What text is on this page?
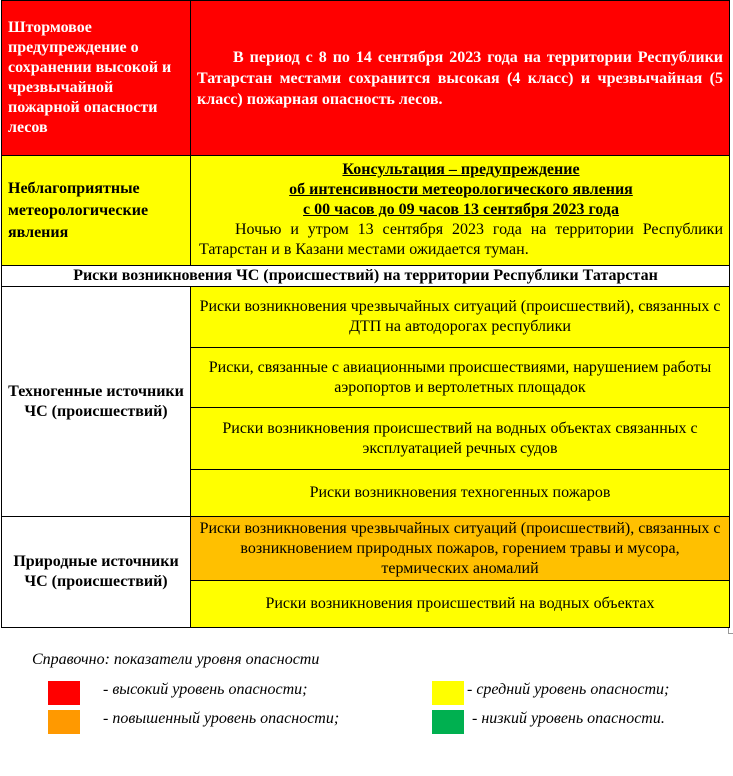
Штормовое предупреждение о сохранении высокой и чрезвычайной пожарной опасности лесов	В период с 8 по 14 сентября 2023 года на территории Республики Татарстан местами сохранится высокая (4 класс) и чрезвычайная (5 класс) пожарная опасность лесов.
Неблагоприятные метеорологические явления	Консультация – предупреждение
об интенсивности метеорологического явления
с 00 часов до 09 часов 13 сентября 2023 года
Ночью и утром 13 сентября 2023 года на территории Республики Татарстан и в Казани местами ожидается туман.

Риски возникновения ЧС (происшествий) на территории Республики Татарстан	
Техногенные источники ЧС (происшествий)	Риски возникновения чрезвычайных ситуаций (происшествий), связанных с ДТП на автодорогах республики
	Риски, связанные с авиационными происшествиями, нарушением работы аэропортов и вертолетных площадок
	Риски возникновения происшествий на водных объектах связанных с эксплуатацией речных судов
	Риски возникновения техногенных пожаров
Природные источники ЧС (происшествий)	Риски возникновения чрезвычайных ситуаций (происшествий), связанных с возникновением природных пожаров, горением травы и мусора, термических аномалий
	Риски возникновения происшествий на водных объектах
Справочно: показатели уровня опасности
- высокий уровень опасности;
- повышенный уровень опасности;
- средний уровень опасности;
- низкий уровень опасности.
